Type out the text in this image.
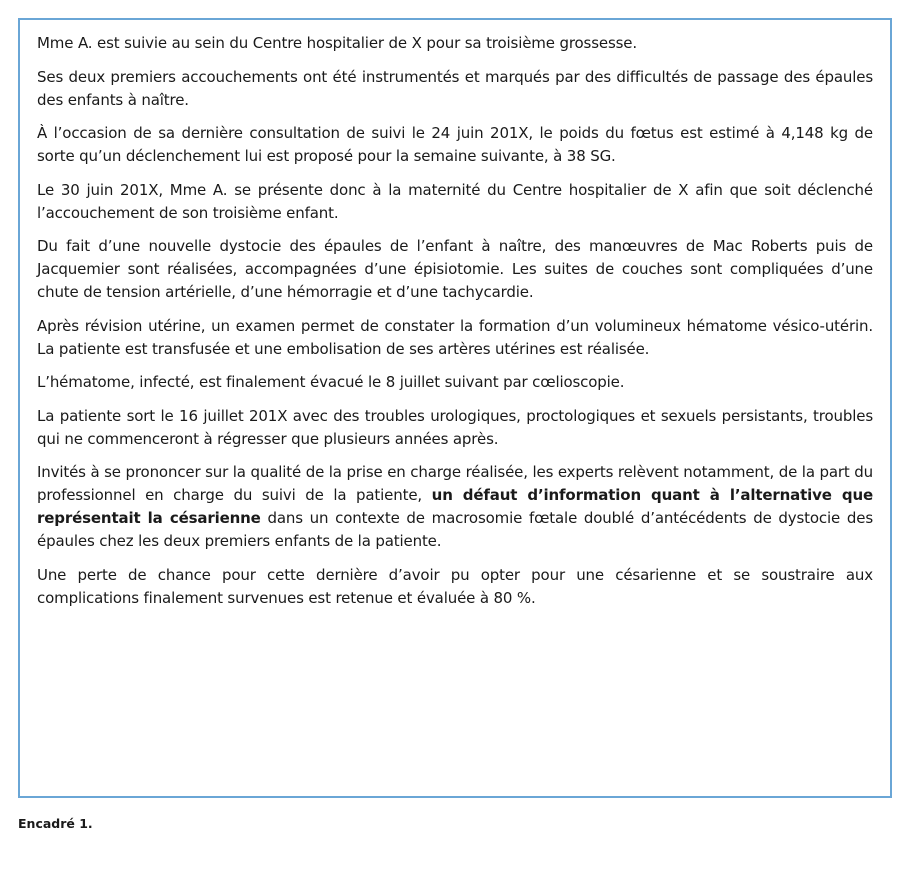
Mme A. est suivie au sein du Centre hospitalier de X pour sa troisième grossesse.

Ses deux premiers accouchements ont été instrumentés et marqués par des difficultés de passage des épaules des enfants à naître.

À l’occasion de sa dernière consultation de suivi le 24 juin 201X, le poids du fœtus est estimé à 4,148 kg de sorte qu’un déclenchement lui est proposé pour la semaine suivante, à 38 SG.

Le 30 juin 201X, Mme A. se présente donc à la maternité du Centre hospitalier de X afin que soit déclenché l’accouchement de son troisième enfant.

Du fait d’une nouvelle dystocie des épaules de l’enfant à naître, des manœuvres de Mac Roberts puis de Jacquemier sont réalisées, accompagnées d’une épisiotomie. Les suites de couches sont compliquées d’une chute de tension artérielle, d’une hémorragie et d’une tachycardie.

Après révision utérine, un examen permet de constater la formation d’un volumineux hématome vésico-utérin. La patiente est transfusée et une embolisation de ses artères utérines est réalisée.

L’hématome, infecté, est finalement évacué le 8 juillet suivant par cœlioscopie.

La patiente sort le 16 juillet 201X avec des troubles urologiques, proctologiques et sexuels persistants, troubles qui ne commenceront à régresser que plusieurs années après.

Invités à se prononcer sur la qualité de la prise en charge réalisée, les experts relèvent notamment, de la part du professionnel en charge du suivi de la patiente, un défaut d’information quant à l’alternative que représentait la césarienne dans un contexte de macrosomie fœtale doublé d’antécédents de dystocie des épaules chez les deux premiers enfants de la patiente.

Une perte de chance pour cette dernière d’avoir pu opter pour une césarienne et se soustraire aux complications finalement survenues est retenue et évaluée à 80 %.

Encadré 1.
